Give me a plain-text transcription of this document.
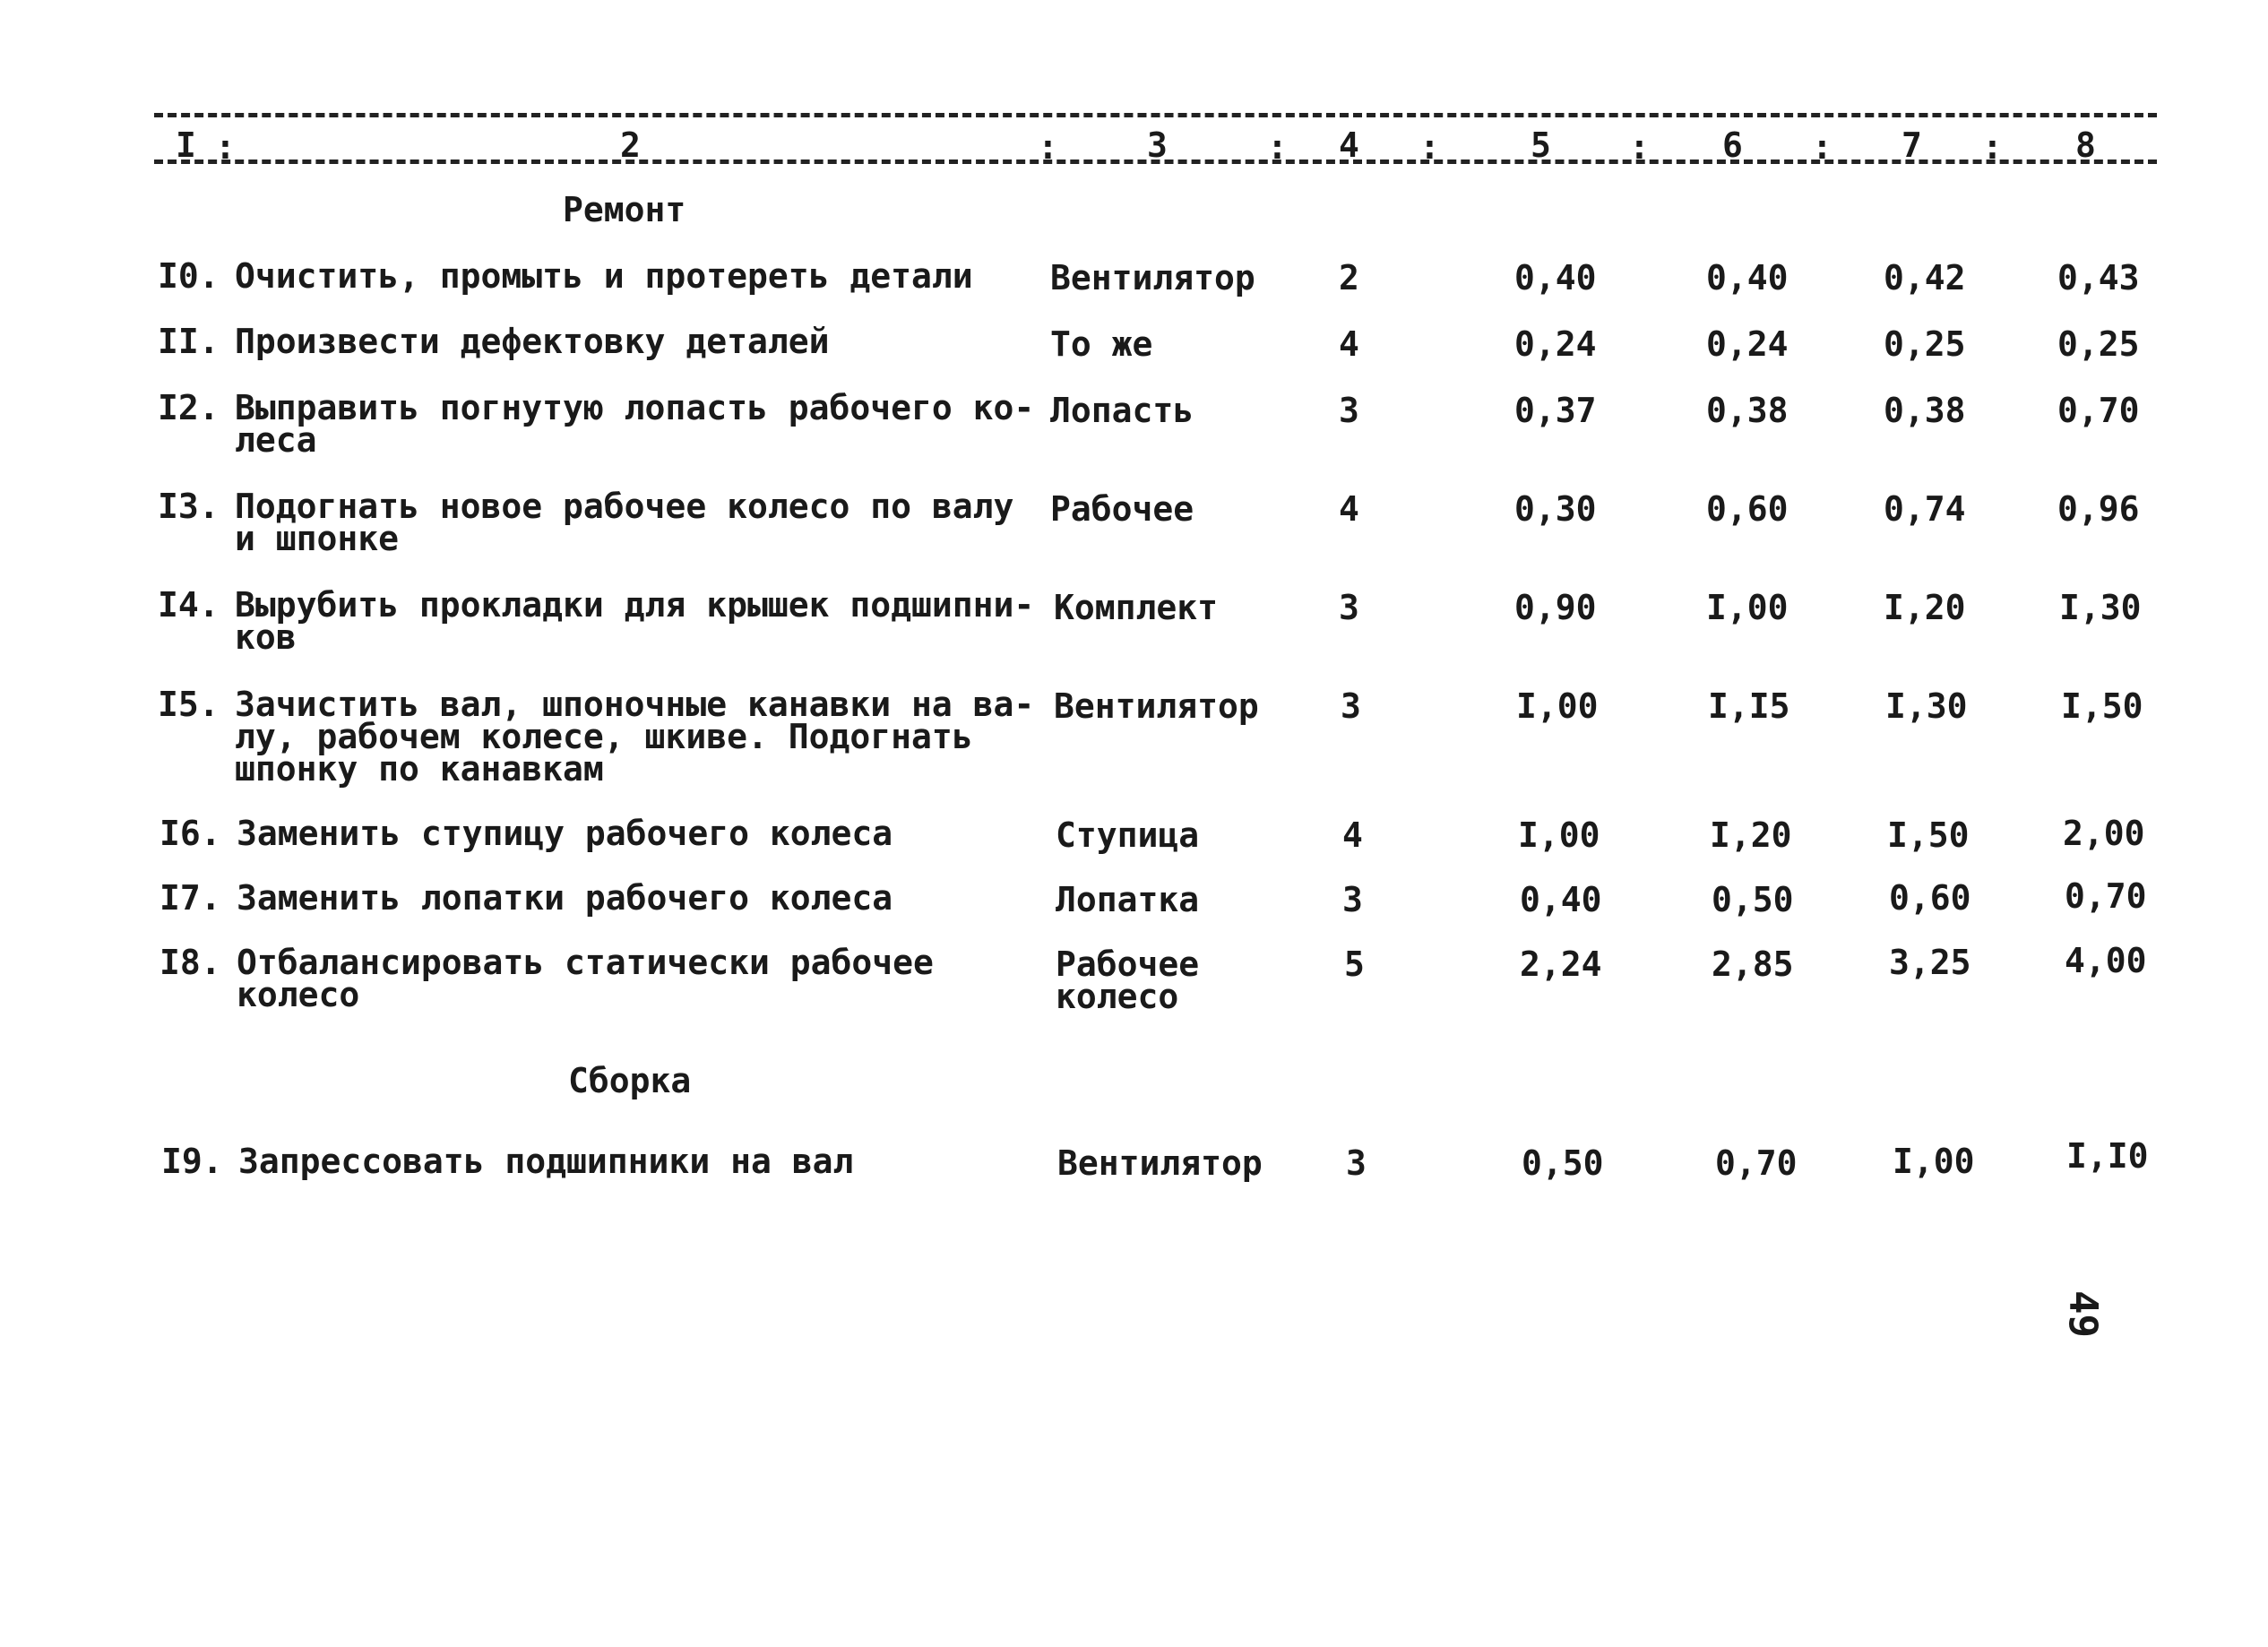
I :	2	:	3	: 4 :	5 : 6 : 7 : 8
Ремонт
I0. Очистить, промыть и протереть детали Вентилятор 2	0,40	0,40	0,42	0,43
II. Произвести дефектовку деталей	То же	4	0,24	0,24	0,25	0,25
I2. Выправить погнутую лопасть рабочего ко-
леса
Лопасть	3	0,37	0,38	0,38	0,70
I3. Подогнать новое рабочее колесо по валу
и шпонке
Рабочее	4	0,30	0,60	0,74	0,96
I4. Вырубить прокладки для крышек подшипни-
ков
Комплект	3	0,90	I,00	I,20	I,30
I5. Зачистить вал, шпоночные канавки на ва-
лу, рабочем колесе, шкиве. Подогнать
шпонку по канавкам
Вентилятор 3	I,00	I,I5	I,30	I,50
I6. Заменить ступицу рабочего колеса	Ступица	4	I,00	I,20	I,50	2,00
I7. Заменить лопатки рабочего колеса	Лопатка	3	0,40	0,50	0,60	0,70
I8. Отбалансировать статически рабочее
колесо
Рабочее
колесо
5	2,24	2,85	3,25	4,00
Сборка
I9. Запрессовать подшипники на вал	Вентилятор 3	0,50	0,70	I,00	I,I0
49
